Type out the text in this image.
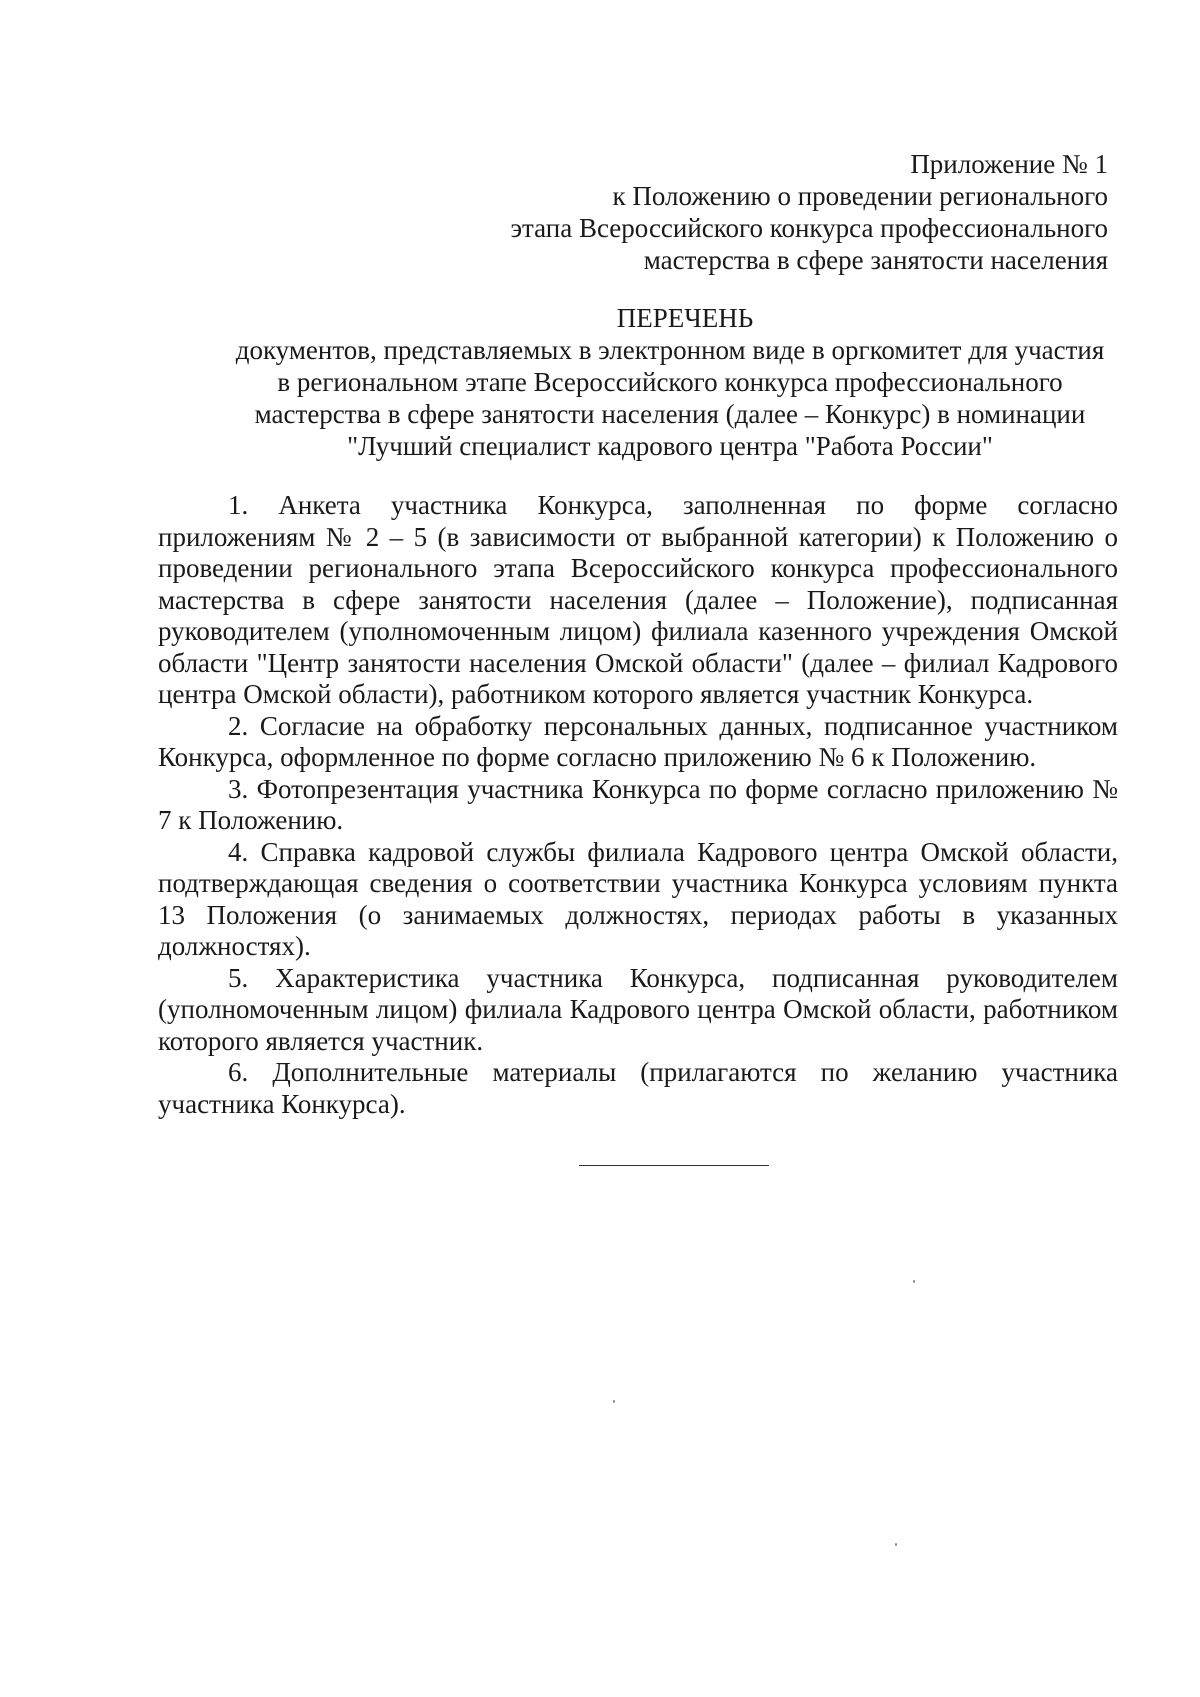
Приложение № 1
к Положению о проведении регионального
этапа Всероссийского конкурса профессионального
мастерства в сфере занятости населения
ПЕРЕЧЕНЬ
документов, представляемых в электронном виде в оргкомитет для участия
в региональном этапе Всероссийского конкурса профессионального
мастерства в сфере занятости населения (далее – Конкурс) в номинации
"Лучший специалист кадрового центра "Работа России"

1. Анкета участника Конкурса, заполненная по форме согласно приложениям № 2 – 5 (в зависимости от выбранной категории) к Положению о проведении регионального этапа Всероссийского конкурса профессионального мастерства в сфере занятости населения (далее – Положение), подписанная руководителем (уполномоченным лицом) филиала казенного учреждения Омской области "Центр занятости населения Омской области" (далее – филиал Кадрового центра Омской области), работником которого является участник Конкурса.

2. Согласие на обработку персональных данных, подписанное участником Конкурса, оформленное по форме согласно приложению № 6 к Положению.

3. Фотопрезентация участника Конкурса по форме согласно приложению № 7 к Положению.

4. Справка кадровой службы филиала Кадрового центра Омской области, подтверждающая сведения о соответствии участника Конкурса условиям пункта 13 Положения (о занимаемых должностях, периодах работы в указанных должностях).

5. Характеристика участника Конкурса, подписанная руководителем (уполномоченным лицом) филиала Кадрового центра Омской области, работником которого является участник.

6. Дополнительные материалы (прилагаются по желанию участника участника Конкурса).
